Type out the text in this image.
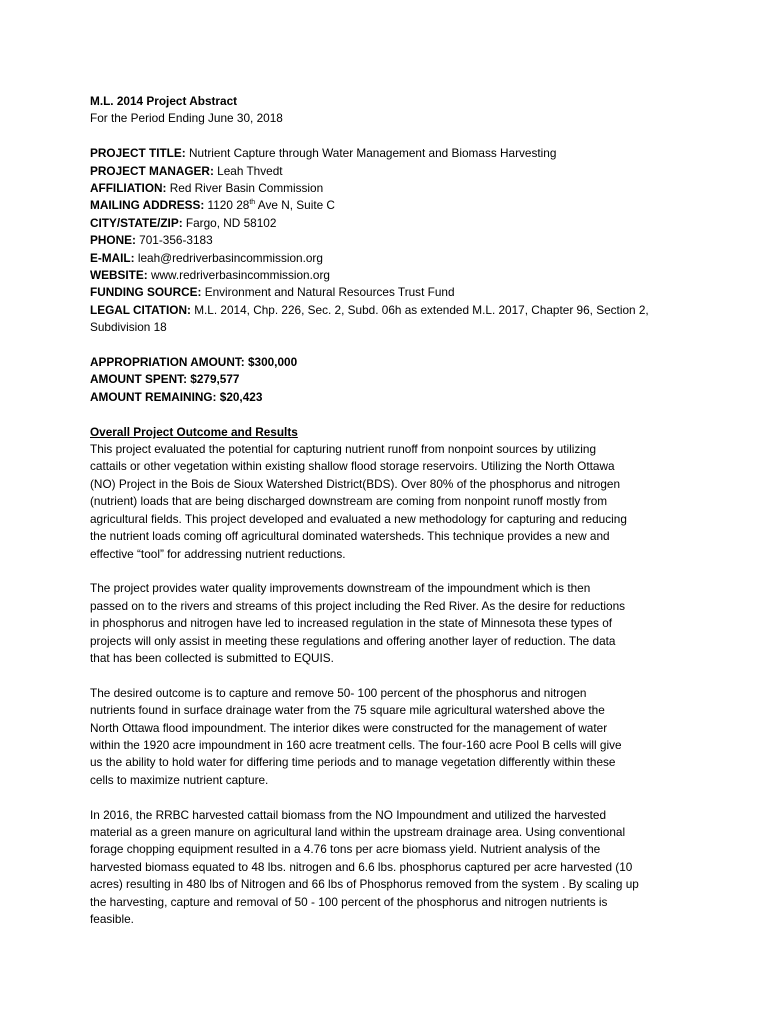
M.L. 2014 Project Abstract
For the Period Ending June 30, 2018
PROJECT TITLE: Nutrient Capture through Water Management and Biomass Harvesting
PROJECT MANAGER: Leah Thvedt
AFFILIATION: Red River Basin Commission
MAILING ADDRESS: 1120 28th Ave N, Suite C
CITY/STATE/ZIP: Fargo, ND 58102
PHONE: 701-356-3183
E-MAIL: leah@redriverbasincommission.org
WEBSITE: www.redriverbasincommission.org
FUNDING SOURCE: Environment and Natural Resources Trust Fund
LEGAL CITATION: M.L. 2014, Chp. 226, Sec. 2, Subd. 06h as extended M.L. 2017, Chapter 96, Section 2,
Subdivision 18
APPROPRIATION AMOUNT: $300,000
AMOUNT SPENT: $279,577
AMOUNT REMAINING: $20,423
Overall Project Outcome and Results
This project evaluated the potential for capturing nutrient runoff from nonpoint sources by utilizing
cattails or other vegetation within existing shallow flood storage reservoirs. Utilizing the North Ottawa
(NO) Project in the Bois de Sioux Watershed District(BDS). Over 80% of the phosphorus and nitrogen
(nutrient) loads that are being discharged downstream are coming from nonpoint runoff mostly from
agricultural fields. This project developed and evaluated a new methodology for capturing and reducing
the nutrient loads coming off agricultural dominated watersheds. This technique provides a new and
effective “tool” for addressing nutrient reductions.
The project provides water quality improvements downstream of the impoundment which is then
passed on to the rivers and streams of this project including the Red River. As the desire for reductions
in phosphorus and nitrogen have led to increased regulation in the state of Minnesota these types of
projects will only assist in meeting these regulations and offering another layer of reduction. The data
that has been collected is submitted to EQUIS.
The desired outcome is to capture and remove 50- 100 percent of the phosphorus and nitrogen
nutrients found in surface drainage water from the 75 square mile agricultural watershed above the
North Ottawa flood impoundment. The interior dikes were constructed for the management of water
within the 1920 acre impoundment in 160 acre treatment cells. The four-160 acre Pool B cells will give
us the ability to hold water for differing time periods and to manage vegetation differently within these
cells to maximize nutrient capture.
In 2016, the RRBC harvested cattail biomass from the NO Impoundment and utilized the harvested
material as a green manure on agricultural land within the upstream drainage area. Using conventional
forage chopping equipment resulted in a 4.76 tons per acre biomass yield. Nutrient analysis of the
harvested biomass equated to 48 lbs. nitrogen and 6.6 lbs. phosphorus captured per acre harvested (10
acres) resulting in 480 lbs of Nitrogen and 66 lbs of Phosphorus removed from the system . By scaling up
the harvesting, capture and removal of 50 - 100 percent of the phosphorus and nitrogen nutrients is
feasible.
